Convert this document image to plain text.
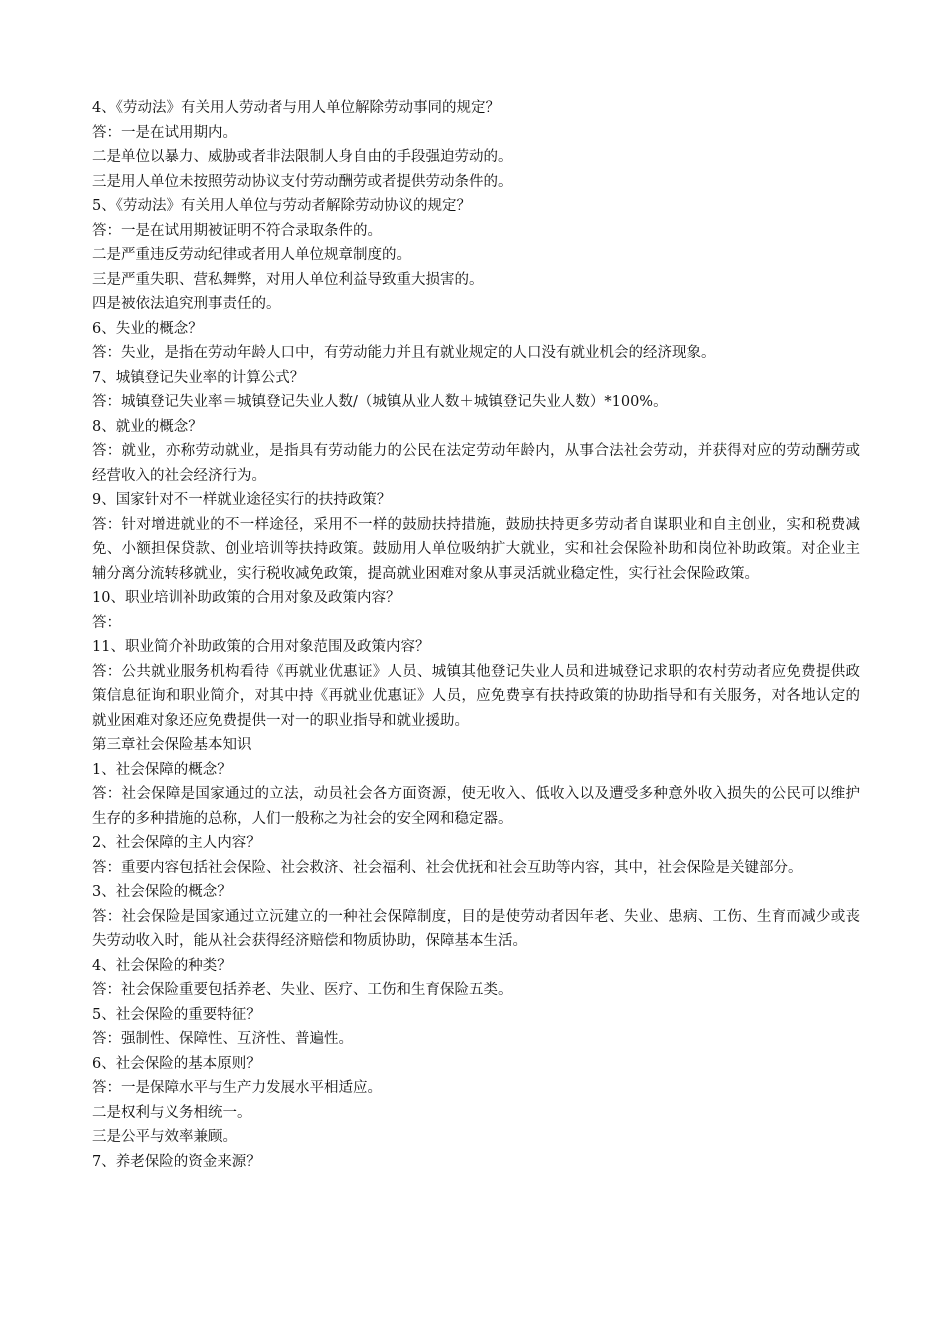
4、《劳动法》有关用人劳动者与用人单位解除劳动事同的规定？

答：一是在试用期内。

二是单位以暴力、威胁或者非法限制人身自由的手段强迫劳动的。

三是用人单位未按照劳动协议支付劳动酬劳或者提供劳动条件的。

5、《劳动法》有关用人单位与劳动者解除劳动协议的规定？

答：一是在试用期被证明不符合录取条件的。

二是严重违反劳动纪律或者用人单位规章制度的。

三是严重失职、营私舞弊，对用人单位利益导致重大损害的。

四是被依法追究刑事责任的。

6、失业的概念？

答：失业，是指在劳动年龄人口中，有劳动能力并且有就业规定的人口没有就业机会的经济现象。

7、城镇登记失业率的计算公式？

答：城镇登记失业率＝城镇登记失业人数/（城镇从业人数＋城镇登记失业人数）*100%。

8、就业的概念？

答：就业，亦称劳动就业，是指具有劳动能力的公民在法定劳动年龄内，从事合法社会劳动，并获得对应的劳动酬劳或经营收入的社会经济行为。

9、国家针对不一样就业途径实行的扶持政策？

答：针对增进就业的不一样途径，采用不一样的鼓励扶持措施，鼓励扶持更多劳动者自谋职业和自主创业，实和税费减免、小额担保贷款、创业培训等扶持政策。鼓励用人单位吸纳扩大就业，实和社会保险补助和岗位补助政策。对企业主辅分离分流转移就业，实行税收减免政策，提高就业困难对象从事灵活就业稳定性，实行社会保险政策。

10、职业培训补助政策的合用对象及政策内容？

答：

11、职业简介补助政策的合用对象范围及政策内容？

答：公共就业服务机构看待《再就业优惠证》人员、城镇其他登记失业人员和进城登记求职的农村劳动者应免费提供政策信息征询和职业简介，对其中持《再就业优惠证》人员，应免费享有扶持政策的协助指导和有关服务，对各地认定的就业困难对象还应免费提供一对一的职业指导和就业援助。

第三章社会保险基本知识

1、社会保障的概念？

答：社会保障是国家通过的立法，动员社会各方面资源，使无收入、低收入以及遭受多种意外收入损失的公民可以维护生存的多种措施的总称，人们一般称之为社会的安全网和稳定器。

2、社会保障的主人内容？

答：重要内容包括社会保险、社会救济、社会福利、社会优抚和社会互助等内容，其中，社会保险是关键部分。

3、社会保险的概念？

答：社会保险是国家通过立沅建立的一种社会保障制度，目的是使劳动者因年老、失业、患病、工伤、生育而减少或丧失劳动收入时，能从社会获得经济赔偿和物质协助，保障基本生活。

4、社会保险的种类？

答：社会保险重要包括养老、失业、医疗、工伤和生育保险五类。

5、社会保险的重要特征？

答：强制性、保障性、互济性、普遍性。

6、社会保险的基本原则？

答：一是保障水平与生产力发展水平相适应。

二是权利与义务相统一。

三是公平与效率兼顾。

7、养老保险的资金来源？
